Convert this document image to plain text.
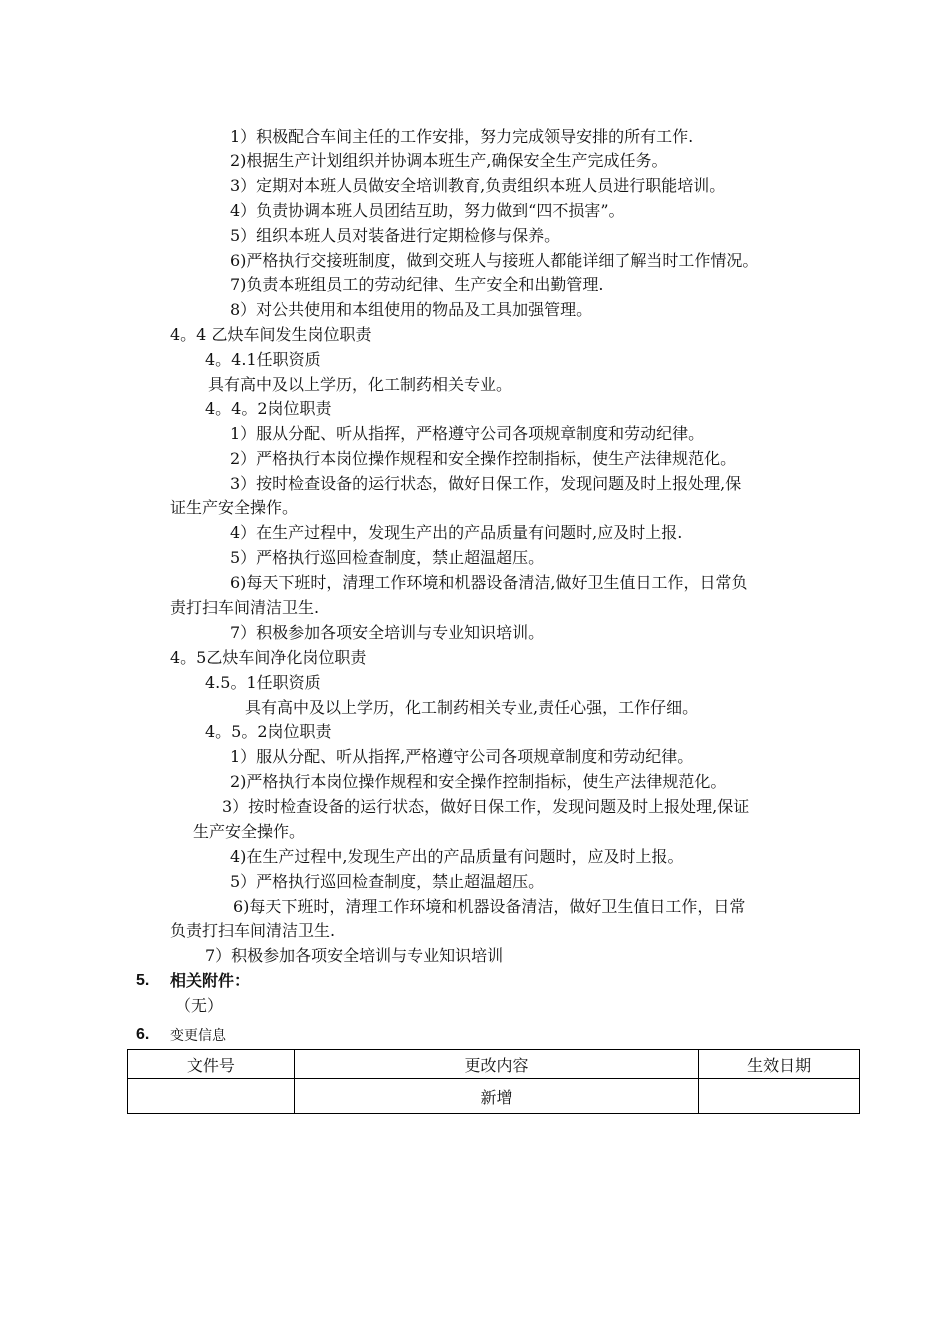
1）积极配合车间主任的工作安排，努力完成领导安排的所有工作.
2)根据生产计划组织并协调本班生产,确保安全生产完成任务。
3）定期对本班人员做安全培训教育,负责组织本班人员进行职能培训。
4）负责协调本班人员团结互助，努力做到“四不损害”。
5）组织本班人员对装备进行定期检修与保养。
6)严格执行交接班制度，做到交班人与接班人都能详细了解当时工作情况。
7)负责本班组员工的劳动纪律、生产安全和出勤管理.
8）对公共使用和本组使用的物品及工具加强管理。
4。4 乙炔车间发生岗位职责
4。4.1任职资质
具有高中及以上学历，化工制药相关专业。
4。4。2岗位职责
1）服从分配、听从指挥，严格遵守公司各项规章制度和劳动纪律。
2）严格执行本岗位操作规程和安全操作控制指标，使生产法律规范化。
3）按时检查设备的运行状态，做好日保工作，发现问题及时上报处理,保
证生产安全操作。
4）在生产过程中，发现生产出的产品质量有问题时,应及时上报.
5）严格执行巡回检查制度，禁止超温超压。
6)每天下班时，清理工作环境和机器设备清洁,做好卫生值日工作，日常负
责打扫车间清洁卫生.
7）积极参加各项安全培训与专业知识培训。
4。5乙炔车间净化岗位职责
4.5。1任职资质
具有高中及以上学历，化工制药相关专业,责任心强，工作仔细。
4。5。2岗位职责
1）服从分配、听从指挥,严格遵守公司各项规章制度和劳动纪律。
2)严格执行本岗位操作规程和安全操作控制指标，使生产法律规范化。
3）按时检查设备的运行状态，做好日保工作，发现问题及时上报处理,保证
生产安全操作。
4)在生产过程中,发现生产出的产品质量有问题时，应及时上报。
5）严格执行巡回检查制度，禁止超温超压。
6)每天下班时，清理工作环境和机器设备清洁，做好卫生值日工作，日常
负责打扫车间清洁卫生.
7）积极参加各项安全培训与专业知识培训
5. 相关附件：
（无）
6. 变更信息
文件号	更改内容	生效日期
	新增	
